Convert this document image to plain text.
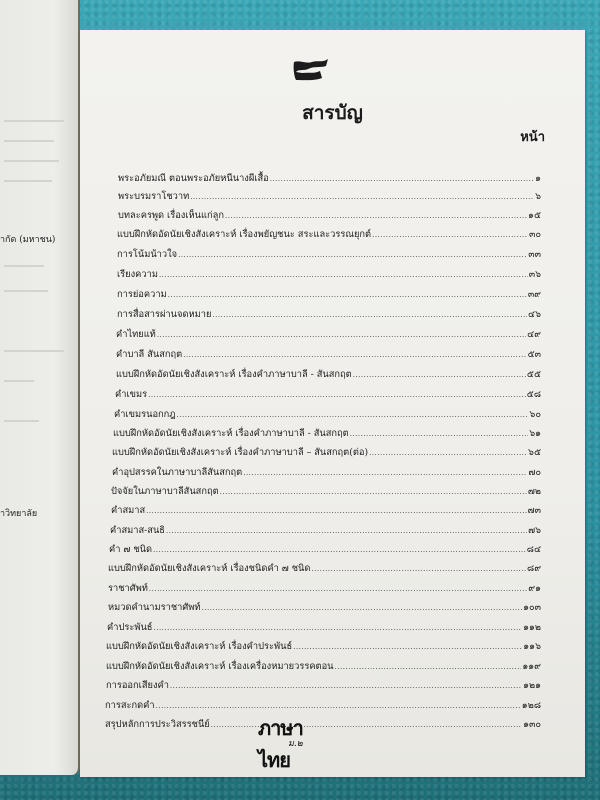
ากัด (มหาชน)
าวิทยาลัย
สารบัญ
หน้า
พระอภัยมณี ตอนพระอภัยหนีนางผีเสื้อ .....	๑
พระบรมราโชวาท .....	๖
บทละครพูด เรื่องเห็นแก่ลูก .....	๑๕
แบบฝึกหัดอัดนัยเชิงสังเคราะห์ เรื่องพยัญชนะ สระและวรรณยุกต์ .....	๓๐
การโน้มน้าวใจ .....	๓๓
เรียงความ .....	๓๖
การย่อความ .....	๓๙
การสื่อสารผ่านจดหมาย .....	๔๖
คำไทยแท้ .....	๔๙
คำบาลี สันสกฤต .....	๕๓
แบบฝึกหัดอัดนัยเชิงสังเคราะห์ เรื่องคำภาษาบาลี - สันสกฤต .....	๕๕
คำเขมร .....	๕๘
คำเขมรนอกกฎ .....	๖๐
แบบฝึกหัดอัดนัยเชิงสังเคราะห์ เรื่องคำภาษาบาลี - สันสกฤต .....	๖๑
แบบฝึกหัดอัดนัยเชิงสังเคราะห์ เรื่องคำภาษาบาลี – สันสกฤต(ต่อ) .....	๖๕
คำอุปสรรคในภาษาบาลีสันสกฤต .....	๗๐
ปัจจัยในภาษาบาลีสันสกฤต .....	๗๒
คำสมาส .....	๗๓
คำสมาส-สนธิ .....	๗๖
คำ ๗ ชนิด .....	๘๔
แบบฝึกหัดอัดนัยเชิงสังเคราะห์ เรื่องชนิดคำ ๗ ชนิด .....	๘๙
ราชาศัพท์ .....	๙๑
หมวดคำนามราชาศัพท์ .....	๑๐๓
คำประพันธ์ .....	๑๑๒
แบบฝึกหัดอัดนัยเชิงสังเคราะห์ เรื่องคำประพันธ์ .....	๑๑๖
แบบฝึกหัดอัดนัยเชิงสังเคราะห์ เรื่องเครื่องหมายวรรคตอน .....	๑๑๙
การออกเสียงคำ .....	๑๒๑
การสะกดคำ .....	๑๒๘
สรุปหลักการประวิสรรชนีย์ .....	๑๓๐
ภาษาไทย
ม.๒
